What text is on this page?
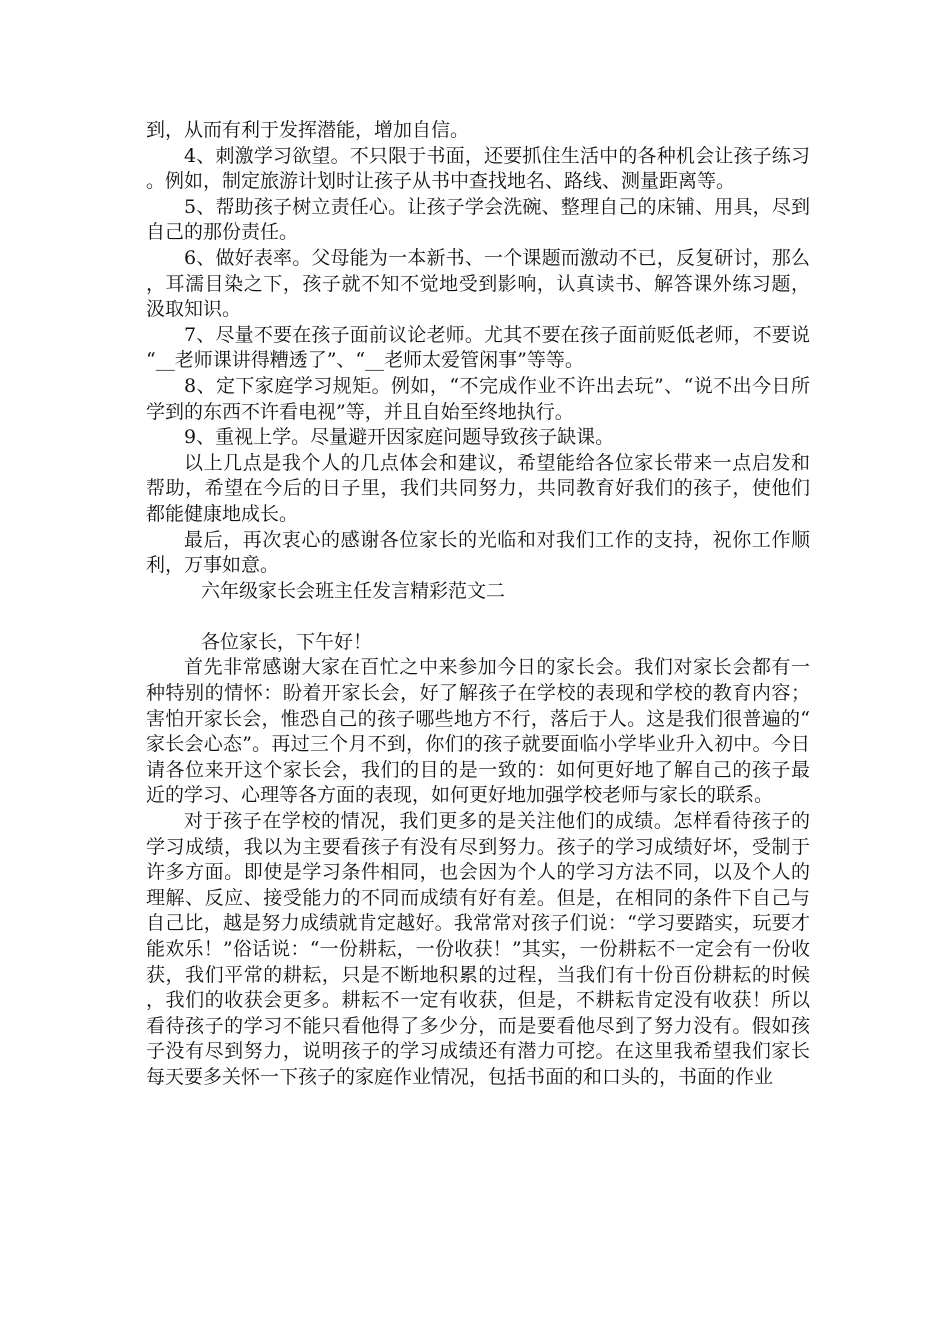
到，从而有利于发挥潜能，增加自信。

4、刺激学习欲望。不只限于书面，还要抓住生活中的各种机会让孩子练习。例如，制定旅游计划时让孩子从书中查找地名、路线、测量距离等。

5、帮助孩子树立责任心。让孩子学会洗碗、整理自己的床铺、用具，尽到自己的那份责任。

6、做好表率。父母能为一本新书、一个课题而激动不已，反复研讨，那么，耳濡目染之下，孩子就不知不觉地受到影响，认真读书、解答课外练习题，汲取知识。

7、尽量不要在孩子面前议论老师。尤其不要在孩子面前贬低老师，不要说“__老师课讲得糟透了”、“__老师太爱管闲事”等等。

8、定下家庭学习规矩。例如，“不完成作业不许出去玩”、“说不出今日所学到的东西不许看电视”等，并且自始至终地执行。

9、重视上学。尽量避开因家庭问题导致孩子缺课。

以上几点是我个人的几点体会和建议，希望能给各位家长带来一点启发和帮助，希望在今后的日子里，我们共同努力，共同教育好我们的孩子，使他们都能健康地成长。

最后，再次衷心的感谢各位家长的光临和对我们工作的支持，祝你工作顺利，万事如意。

六年级家长会班主任发言精彩范文二

各位家长，下午好！

首先非常感谢大家在百忙之中来参加今日的家长会。我们对家长会都有一种特别的情怀：盼着开家长会，好了解孩子在学校的表现和学校的教育内容；害怕开家长会，惟恐自己的孩子哪些地方不行，落后于人。这是我们很普遍的“家长会心态”。再过三个月不到，你们的孩子就要面临小学毕业升入初中。今日请各位来开这个家长会，我们的目的是一致的：如何更好地了解自己的孩子最近的学习、心理等各方面的表现，如何更好地加强学校老师与家长的联系。

对于孩子在学校的情况，我们更多的是关注他们的成绩。怎样看待孩子的学习成绩，我以为主要看孩子有没有尽到努力。孩子的学习成绩好坏，受制于许多方面。即使是学习条件相同，也会因为个人的学习方法不同，以及个人的理解、反应、接受能力的不同而成绩有好有差。但是，在相同的条件下自己与自己比，越是努力成绩就肯定越好。我常常对孩子们说：“学习要踏实，玩要才能欢乐！”俗话说：“一份耕耘，一份收获！”其实，一份耕耘不一定会有一份收获，我们平常的耕耘，只是不断地积累的过程，当我们有十份百份耕耘的时候，我们的收获会更多。耕耘不一定有收获，但是，不耕耘肯定没有收获！所以看待孩子的学习不能只看他得了多少分，而是要看他尽到了努力没有。假如孩子没有尽到努力，说明孩子的学习成绩还有潜力可挖。在这里我希望我们家长每天要多关怀一下孩子的家庭作业情况，包括书面的和口头的，书面的作业
